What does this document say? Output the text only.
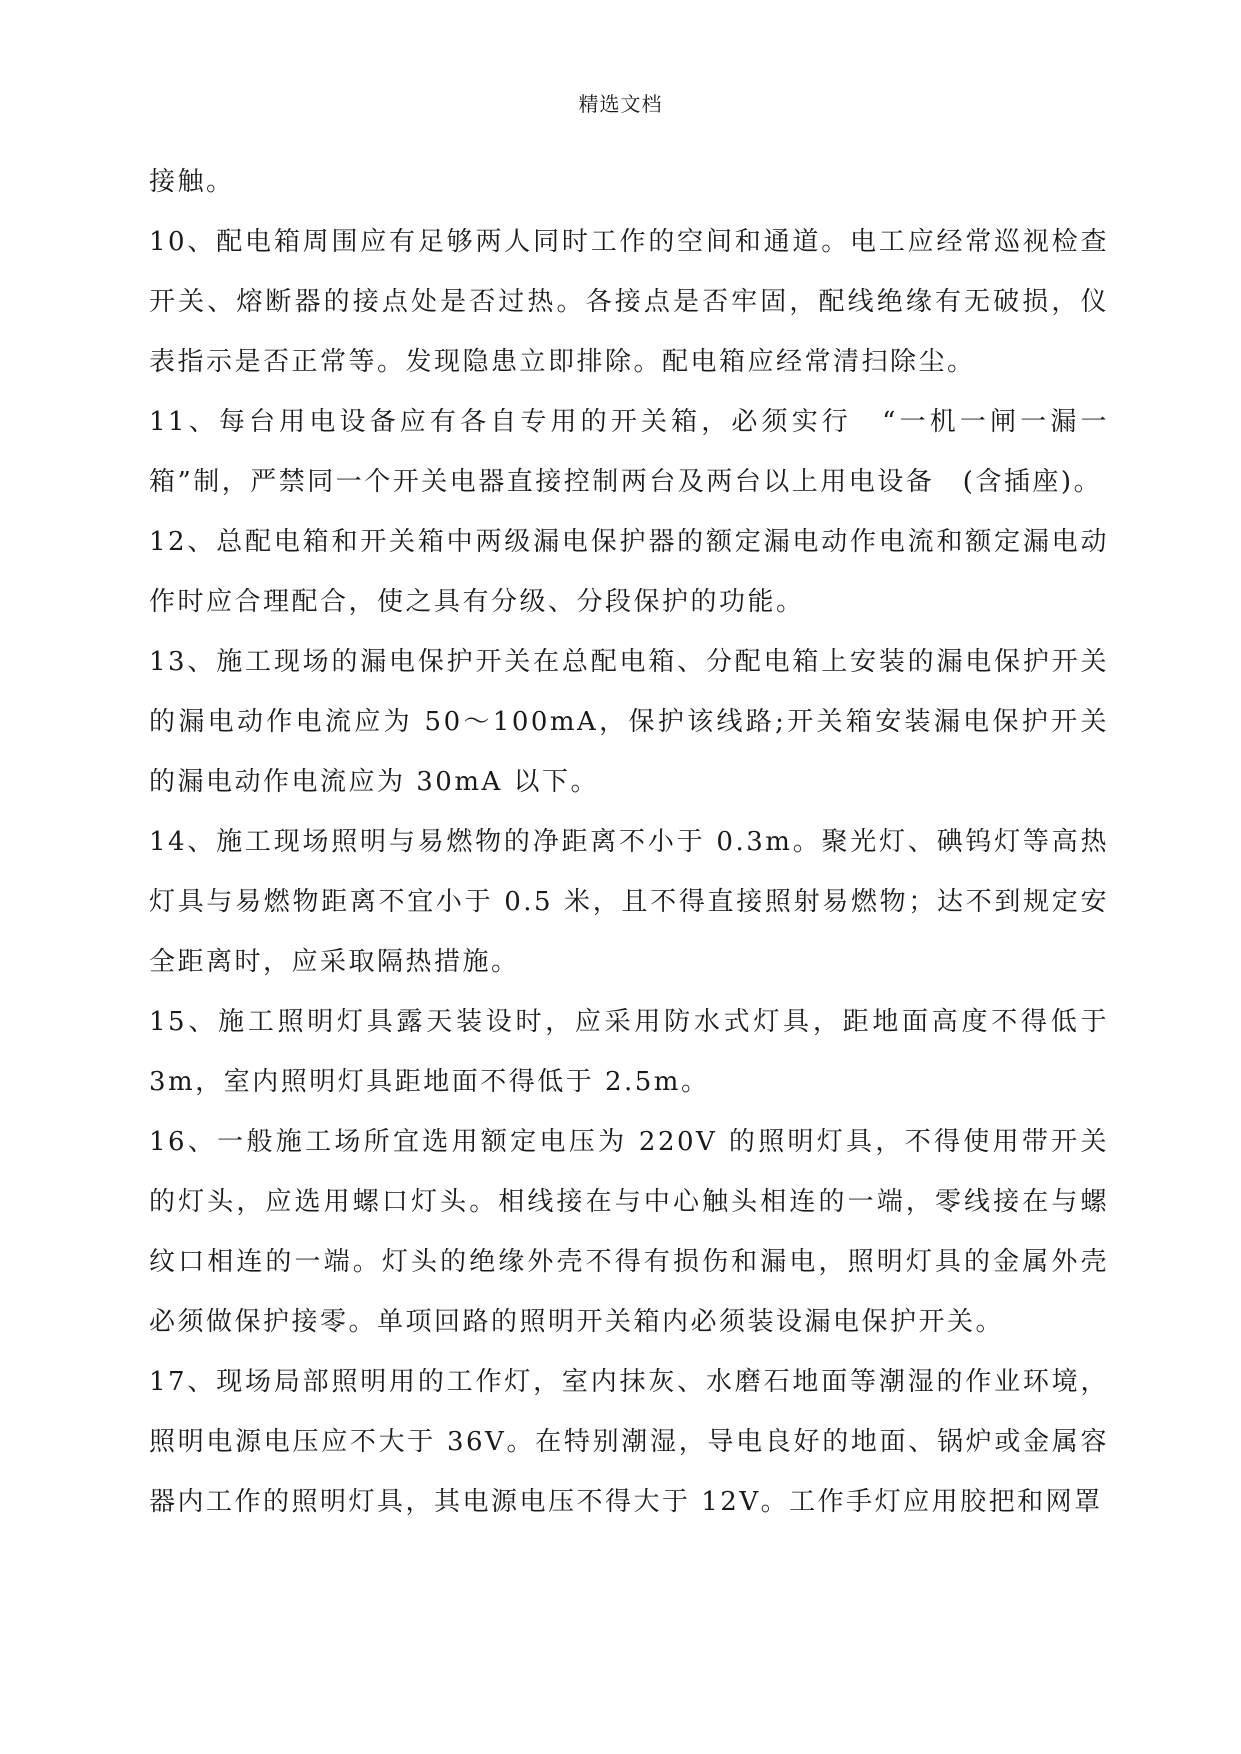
精选文档

接触。

10、配电箱周围应有足够两人同时工作的空间和通道。电工应经常巡视检查开关、熔断器的接点处是否过热。各接点是否牢固，配线绝缘有无破损，仪表指示是否正常等。发现隐患立即排除。配电箱应经常清扫除尘。

11、每台用电设备应有各自专用的开关箱，必须实行　“一机一闸一漏一箱”制，严禁同一个开关电器直接控制两台及两台以上用电设备　(含插座)。

12、总配电箱和开关箱中两级漏电保护器的额定漏电动作电流和额定漏电动作时应合理配合，使之具有分级、分段保护的功能。

13、施工现场的漏电保护开关在总配电箱、分配电箱上安装的漏电保护开关的漏电动作电流应为 50～100mA，保护该线路;开关箱安装漏电保护开关的漏电动作电流应为 30mA 以下。

14、施工现场照明与易燃物的净距离不小于 0.3m。聚光灯、碘钨灯等高热灯具与易燃物距离不宜小于 0.5 米，且不得直接照射易燃物；达不到规定安全距离时，应采取隔热措施。

15、施工照明灯具露天装设时，应采用防水式灯具，距地面高度不得低于 3m，室内照明灯具距地面不得低于 2.5m。

16、一般施工场所宜选用额定电压为 220V 的照明灯具，不得使用带开关的灯头，应选用螺口灯头。相线接在与中心触头相连的一端，零线接在与螺纹口相连的一端。灯头的绝缘外壳不得有损伤和漏电，照明灯具的金属外壳必须做保护接零。单项回路的照明开关箱内必须装设漏电保护开关。

17、现场局部照明用的工作灯，室内抹灰、水磨石地面等潮湿的作业环境，照明电源电压应不大于 36V。在特别潮湿，导电良好的地面、锅炉或金属容器内工作的照明灯具，其电源电压不得大于 12V。工作手灯应用胶把和网罩
